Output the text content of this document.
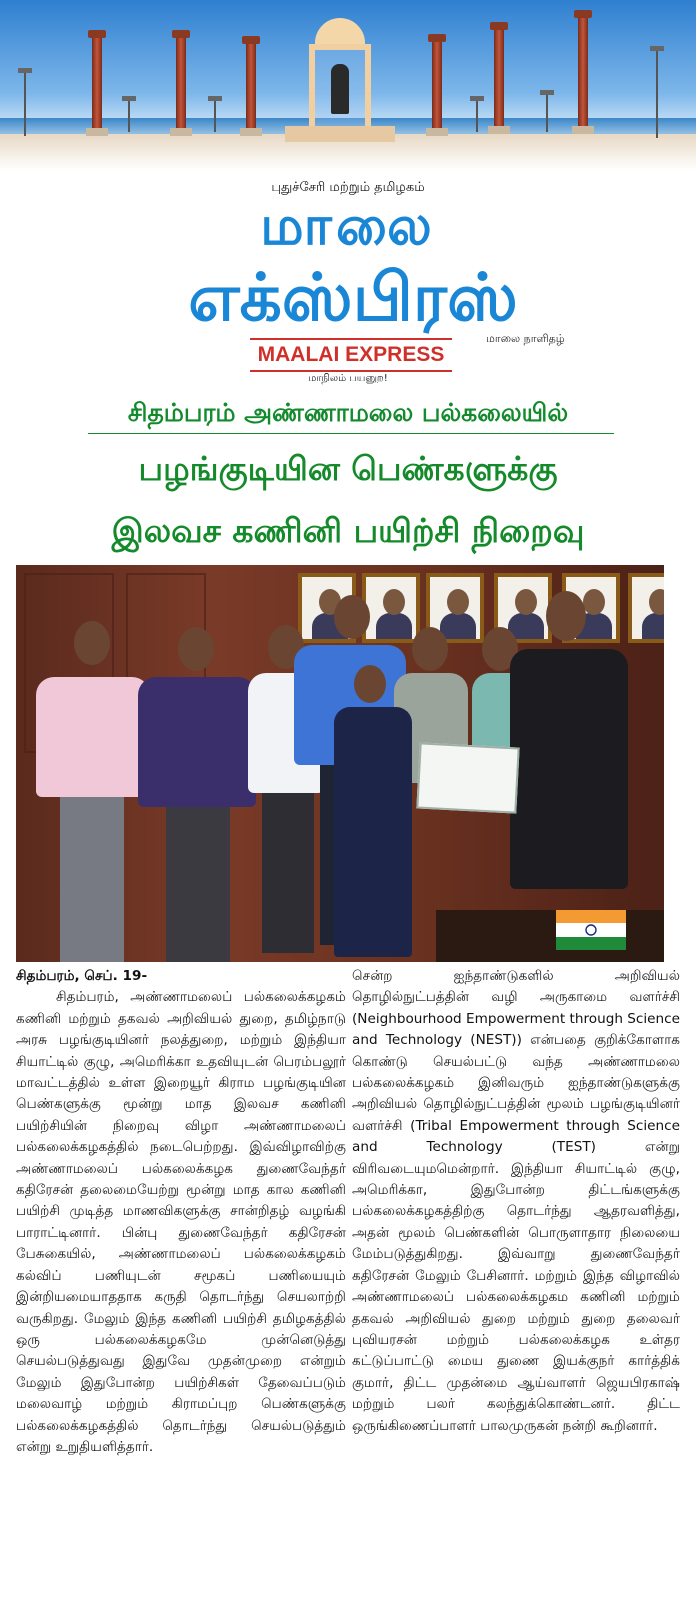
புதுச்சேரி மற்றும் தமிழகம்
மாலை
எக்ஸ்பிரஸ்
மாலை நாளிதழ்
MAALAI EXPRESS
மாநிலம் பயனுற!
சிதம்பரம் அண்ணாமலை பல்கலையில்
பழங்குடியின பெண்களுக்கு
இலவச கணினி பயிற்சி நிறைவு
சிதம்பரம், செப். 19-
சிதம்பரம், அண்ணாமலைப் பல்கலைக்கழகம் கணினி மற்றும் தகவல் அறிவியல் துறை, தமிழ்நாடு அரசு பழங்குடியினர் நலத்துறை, மற்றும் இந்தியா சியாட்டில் குழு, அமெரிக்கா உதவியுடன் பெரம்பலூர் மாவட்டத்தில் உள்ள இறையூர் கிராம பழங்குடியின பெண்களுக்கு மூன்று மாத இலவச கணினி பயிற்சியின் நிறைவு விழா அண்ணாமலைப் பல்கலைக்கழகத்தில் நடைபெற்றது. இவ்விழாவிற்கு அண்ணாமலைப் பல்கலைக்கழக துணைவேந்தர் கதிரேசன் தலைமையேற்று மூன்று மாத கால கணினி பயிற்சி முடித்த மாணவிகளுக்கு சான்றிதழ் வழங்கி பாராட்டினார். பின்பு துணைவேந்தர் கதிரேசன் பேசுகையில், அண்ணாமலைப் பல்கலைக்கழகம் கல்விப் பணியுடன் சமூகப் பணியையும் இன்றியமையாததாக கருதி தொடர்ந்து செயலாற்றி வருகிறது. மேலும் இந்த கணினி பயிற்சி தமிழகத்தில் ஒரு பல்கலைக்கழகமே முன்னெடுத்து செயல்படுத்துவது இதுவே முதன்முறை என்றும் மேலும் இதுபோன்ற பயிற்சிகள் தேவைப்படும் மலைவாழ் மற்றும் கிராமப்புற பெண்களுக்கு பல்கலைக்கழகத்தில் தொடர்ந்து செயல்படுத்தும் என்று உறுதியளித்தார்.
சென்ற ஐந்தாண்டுகளில் அறிவியல் தொழில்நுட்பத்தின் வழி அருகாமை வளர்ச்சி (Neighbourhood Empowerment through Science and Technology (NEST)) என்பதை குறிக்கோளாக கொண்டு செயல்பட்டு வந்த அண்ணாமலை பல்கலைக்கழகம் இனிவரும் ஐந்தாண்டுகளுக்கு அறிவியல் தொழில்நுட்பத்தின் மூலம் பழங்குடியினர் வளர்ச்சி (Tribal Empowerment through Science and Technology (TEST) என்று விரிவடையுமமென்றார். இந்தியா சியாட்டில் குழு, அமெரிக்கா, இதுபோன்ற திட்டங்களுக்கு பல்கலைக்கழகத்திற்கு தொடர்ந்து ஆதரவளித்து, அதன் மூலம் பெண்களின் பொருளாதார நிலையை மேம்படுத்துகிறது. இவ்வாறு துணைவேந்தர் கதிரேசன் மேலும் பேசினார். மற்றும் இந்த விழாவில் அண்ணாமலைப் பல்கலைக்கழகம கணினி மற்றும் தகவல் அறிவியல் துறை மற்றும் துறை தலைவர் புவியரசன் மற்றும் பல்கலைக்கழக உள்தர கட்டுப்பாட்டு மைய துணை இயக்குநர் கார்த்திக் குமார், திட்ட முதன்மை ஆய்வாளர் ஜெயபிரகாஷ் மற்றும் பலர் கலந்துக்கொண்டனர். திட்ட ஒருங்கிணைப்பாளர் பாலமுருகன் நன்றி கூறினார்.
